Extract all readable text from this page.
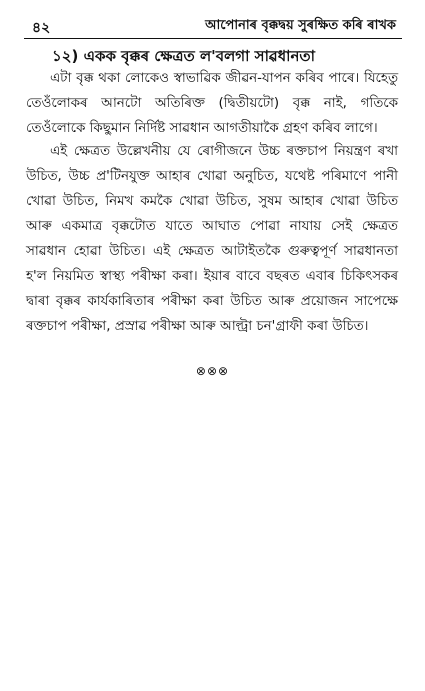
৪২	আপোনাৰ বৃক্কদ্বয় সুৰক্ষিত কৰি ৰাখক
১২) একক বৃক্কৰ ক্ষেত্ৰত ল'বলগা সাৱধানতা

এটা বৃক্ক থকা লোকেও স্বাভাৱিক জীৱন-যাপন কৰিব পাৰে। যিহেতু তেওঁলোকৰ আনটো অতিৰিক্ত (দ্বিতীয়টো) বৃক্ক নাই, গতিকে তেওঁলোকে কিছুমান নিৰ্দিষ্ট সাৱধান আগতীয়াকৈ গ্ৰহণ কৰিব লাগে।

এই ক্ষেত্ৰত উল্লেখনীয় যে ৰোগীজনে উচ্চ ৰক্তচাপ নিয়ন্ত্ৰণ ৰখা উচিত, উচ্চ প্ৰ'টিনযুক্ত আহাৰ খোৱা অনুচিত, যথেষ্ট পৰিমাণে পানী খোৱা উচিত, নিমখ কমকৈ খোৱা উচিত, সুষম আহাৰ খোৱা উচিত আৰু একমাত্ৰ বৃক্কটোত যাতে আঘাত পোৱা নাযায় সেই ক্ষেত্ৰত সাৱধান হোৱা উচিত। এই ক্ষেত্ৰত আটাইতকৈ গুৰুত্বপূৰ্ণ সাৱধানতা হ'ল নিয়মিত স্বাস্থ্য পৰীক্ষা কৰা। ইয়াৰ বাবে বছৰত এবাৰ চিকিৎসকৰ দ্বাৰা বৃক্কৰ কাৰ্যকাৰিতাৰ পৰীক্ষা কৰা উচিত আৰু প্ৰয়োজন সাপেক্ষে ৰক্তচাপ পৰীক্ষা, প্ৰস্ৰাৱ পৰীক্ষা আৰু আল্ট্ৰা চন'গ্ৰাফী কৰা উচিত।

⊗⊗⊗
